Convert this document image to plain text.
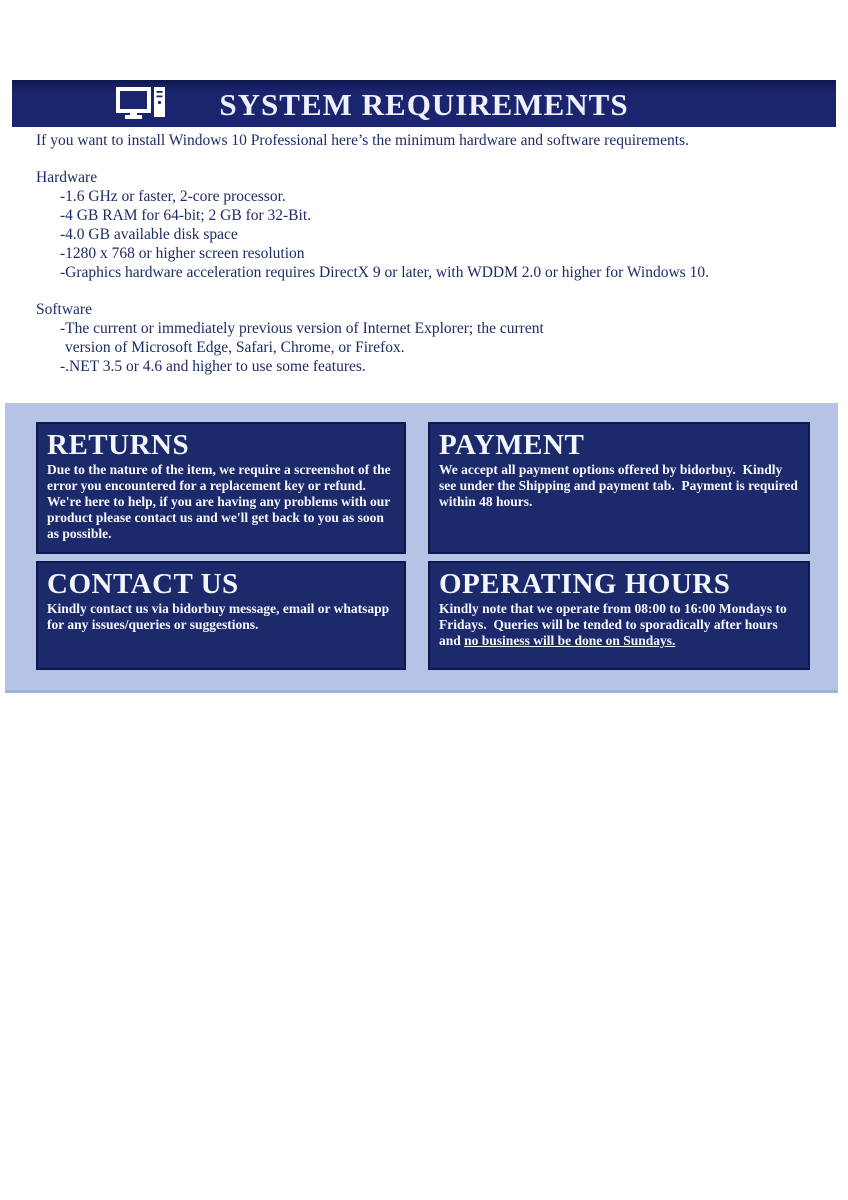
SYSTEM REQUIREMENTS

If you want to install Windows 10 Professional here’s the minimum hardware and software requirements.

Hardware

-1.6 GHz or faster, 2-core processor.
-4 GB RAM for 64-bit; 2 GB for 32-Bit.
-4.0 GB available disk space
-1280 x 768 or higher screen resolution
-Graphics hardware acceleration requires DirectX 9 or later, with WDDM 2.0 or higher for Windows 10.

Software

-The current or immediately previous version of Internet Explorer; the current
version of Microsoft Edge, Safari, Chrome, or Firefox.
-.NET 3.5 or 4.6 and higher to use some features.
RETURNS
Due to the nature of the item, we require a screenshot of the error you encountered for a replacement key or refund.
We're here to help, if you are having any problems with our product please contact us and we'll get back to you as soon as possible.
PAYMENT
We accept all payment options offered by bidorbuy.  Kindly see under the Shipping and payment tab.  Payment is required within 48 hours.
CONTACT US
Kindly contact us via bidorbuy message, email or whatsapp for any issues/queries or suggestions.
OPERATING HOURS
Kindly note that we operate from 08:00 to 16:00 Mondays to Fridays.  Queries will be tended to sporadically after hours and no business will be done on Sundays.
